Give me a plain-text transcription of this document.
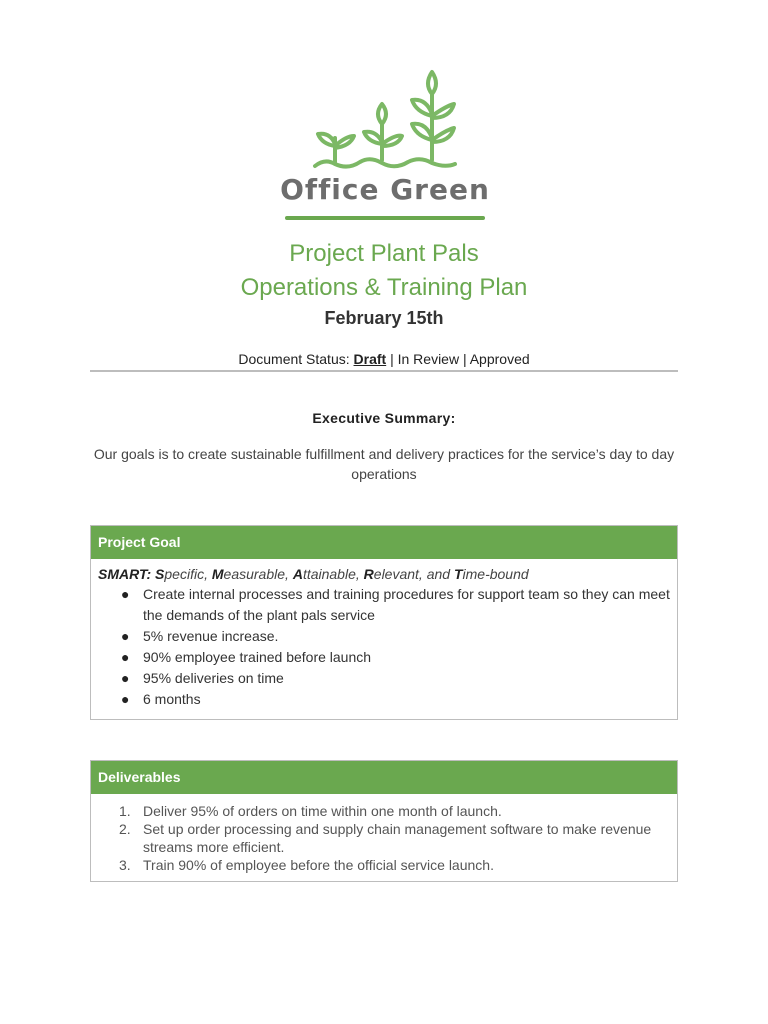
Office Green
Project Plant Pals
Operations & Training Plan
February 15th
Document Status: Draft | In Review | Approved
Executive Summary:
Our goals is to create sustainable fulfillment and delivery practices for the service’s day to day operations
Project Goal
SMART: Specific, Measurable, Attainable, Relevant, and Time-bound
● Create internal processes and training procedures for support team so they can meet the demands of the plant pals service
● 5% revenue increase.
● 90% employee trained before launch
● 95% deliveries on time
● 6 months
Deliverables
1. Deliver 95% of orders on time within one month of launch.
2. Set up order processing and supply chain management software to make revenue streams more efficient.
3. Train 90% of employee before the official service launch.
